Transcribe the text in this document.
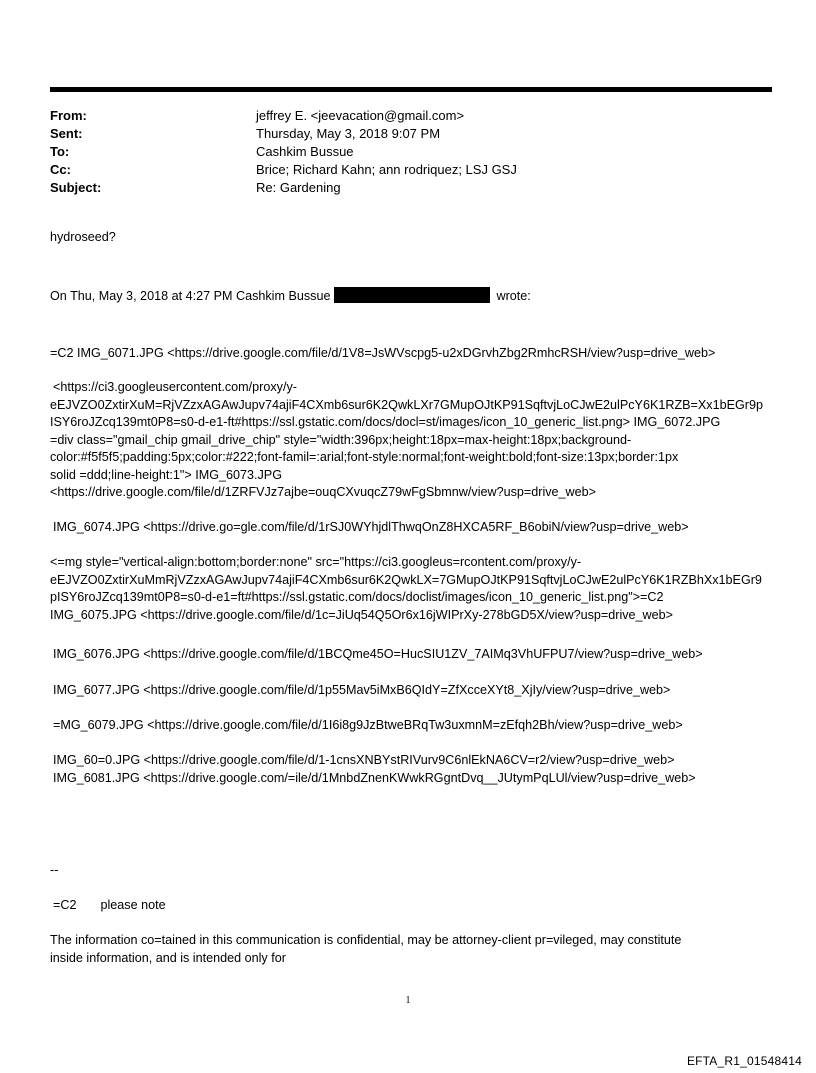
From:	jeffrey E. <jeevacation@gmail.com>
Sent:	Thursday, May 3, 2018 9:07 PM
To:	Cashkim Bussue
Cc:	Brice; Richard Kahn; ann rodriquez; LSJ GSJ
Subject:	Re: Gardening
hydroseed?
On Thu, May 3, 2018 at 4:27 PM Cashkim Bussue	wrote:
=C2 IMG_6071.JPG <https://drive.google.com/file/d/1V8=JsWVscpg5-u2xDGrvhZbg2RmhcRSH/view?usp=drive_web>
<https://ci3.googleusercontent.com/proxy/y-
eEJVZO0ZxtirXuM=RjVZzxAGAwJupv74ajiF4CXmb6sur6K2QwkLXr7GMupOJtKP91SqftvjLoCJwE2ulPcY6K1RZB=Xx1bEGr9p
ISY6roJZcq139mt0P8=s0-d-e1-ft#https://ssl.gstatic.com/docs/docl=st/images/icon_10_generic_list.png> IMG_6072.JPG
=div class="gmail_chip gmail_drive_chip" style="width:396px;height:18px=max-height:18px;background-
color:#f5f5f5;padding:5px;color:#222;font-famil=:arial;font-style:normal;font-weight:bold;font-size:13px;border:1px
solid =ddd;line-height:1"> IMG_6073.JPG
<https://drive.google.com/file/d/1ZRFVJz7ajbe=ouqCXvuqcZ79wFgSbmnw/view?usp=drive_web>
IMG_6074.JPG <https://drive.go=gle.com/file/d/1rSJ0WYhjdlThwqOnZ8HXCA5RF_B6obiN/view?usp=drive_web>
<=mg style="vertical-align:bottom;border:none" src="https://ci3.googleus=rcontent.com/proxy/y-
eEJVZO0ZxtirXuMmRjVZzxAGAwJupv74ajiF4CXmb6sur6K2QwkLX=7GMupOJtKP91SqftvjLoCJwE2ulPcY6K1RZBhXx1bEGr9
pISY6roJZcq139mt0P8=s0-d-e1=ft#https://ssl.gstatic.com/docs/doclist/images/icon_10_generic_list.png">=C2
IMG_6075.JPG <https://drive.google.com/file/d/1c=JiUq54Q5Or6x16jWIPrXy-278bGD5X/view?usp=drive_web>
IMG_6076.JPG <https://drive.google.com/file/d/1BCQme45O=HucSIU1ZV_7AIMq3VhUFPU7/view?usp=drive_web>
IMG_6077.JPG <https://drive.google.com/file/d/1p55Mav5iMxB6QIdY=ZfXcceXYt8_XjIy/view?usp=drive_web>
=MG_6079.JPG <https://drive.google.com/file/d/1I6i8g9JzBtweBRqTw3uxmnM=zEfqh2Bh/view?usp=drive_web>
IMG_60=0.JPG <https://drive.google.com/file/d/1-1cnsXNBYstRIVurv9C6nlEkNA6CV=r2/view?usp=drive_web>
IMG_6081.JPG <https://drive.google.com/=ile/d/1MnbdZnenKWwkRGgntDvq__JUtymPqLUl/view?usp=drive_web>
--
=C2 please note
The information co=tained in this communication is confidential, may be attorney-client pr=vileged, may constitute
inside information, and is intended only for
1
EFTA_R1_01548414
